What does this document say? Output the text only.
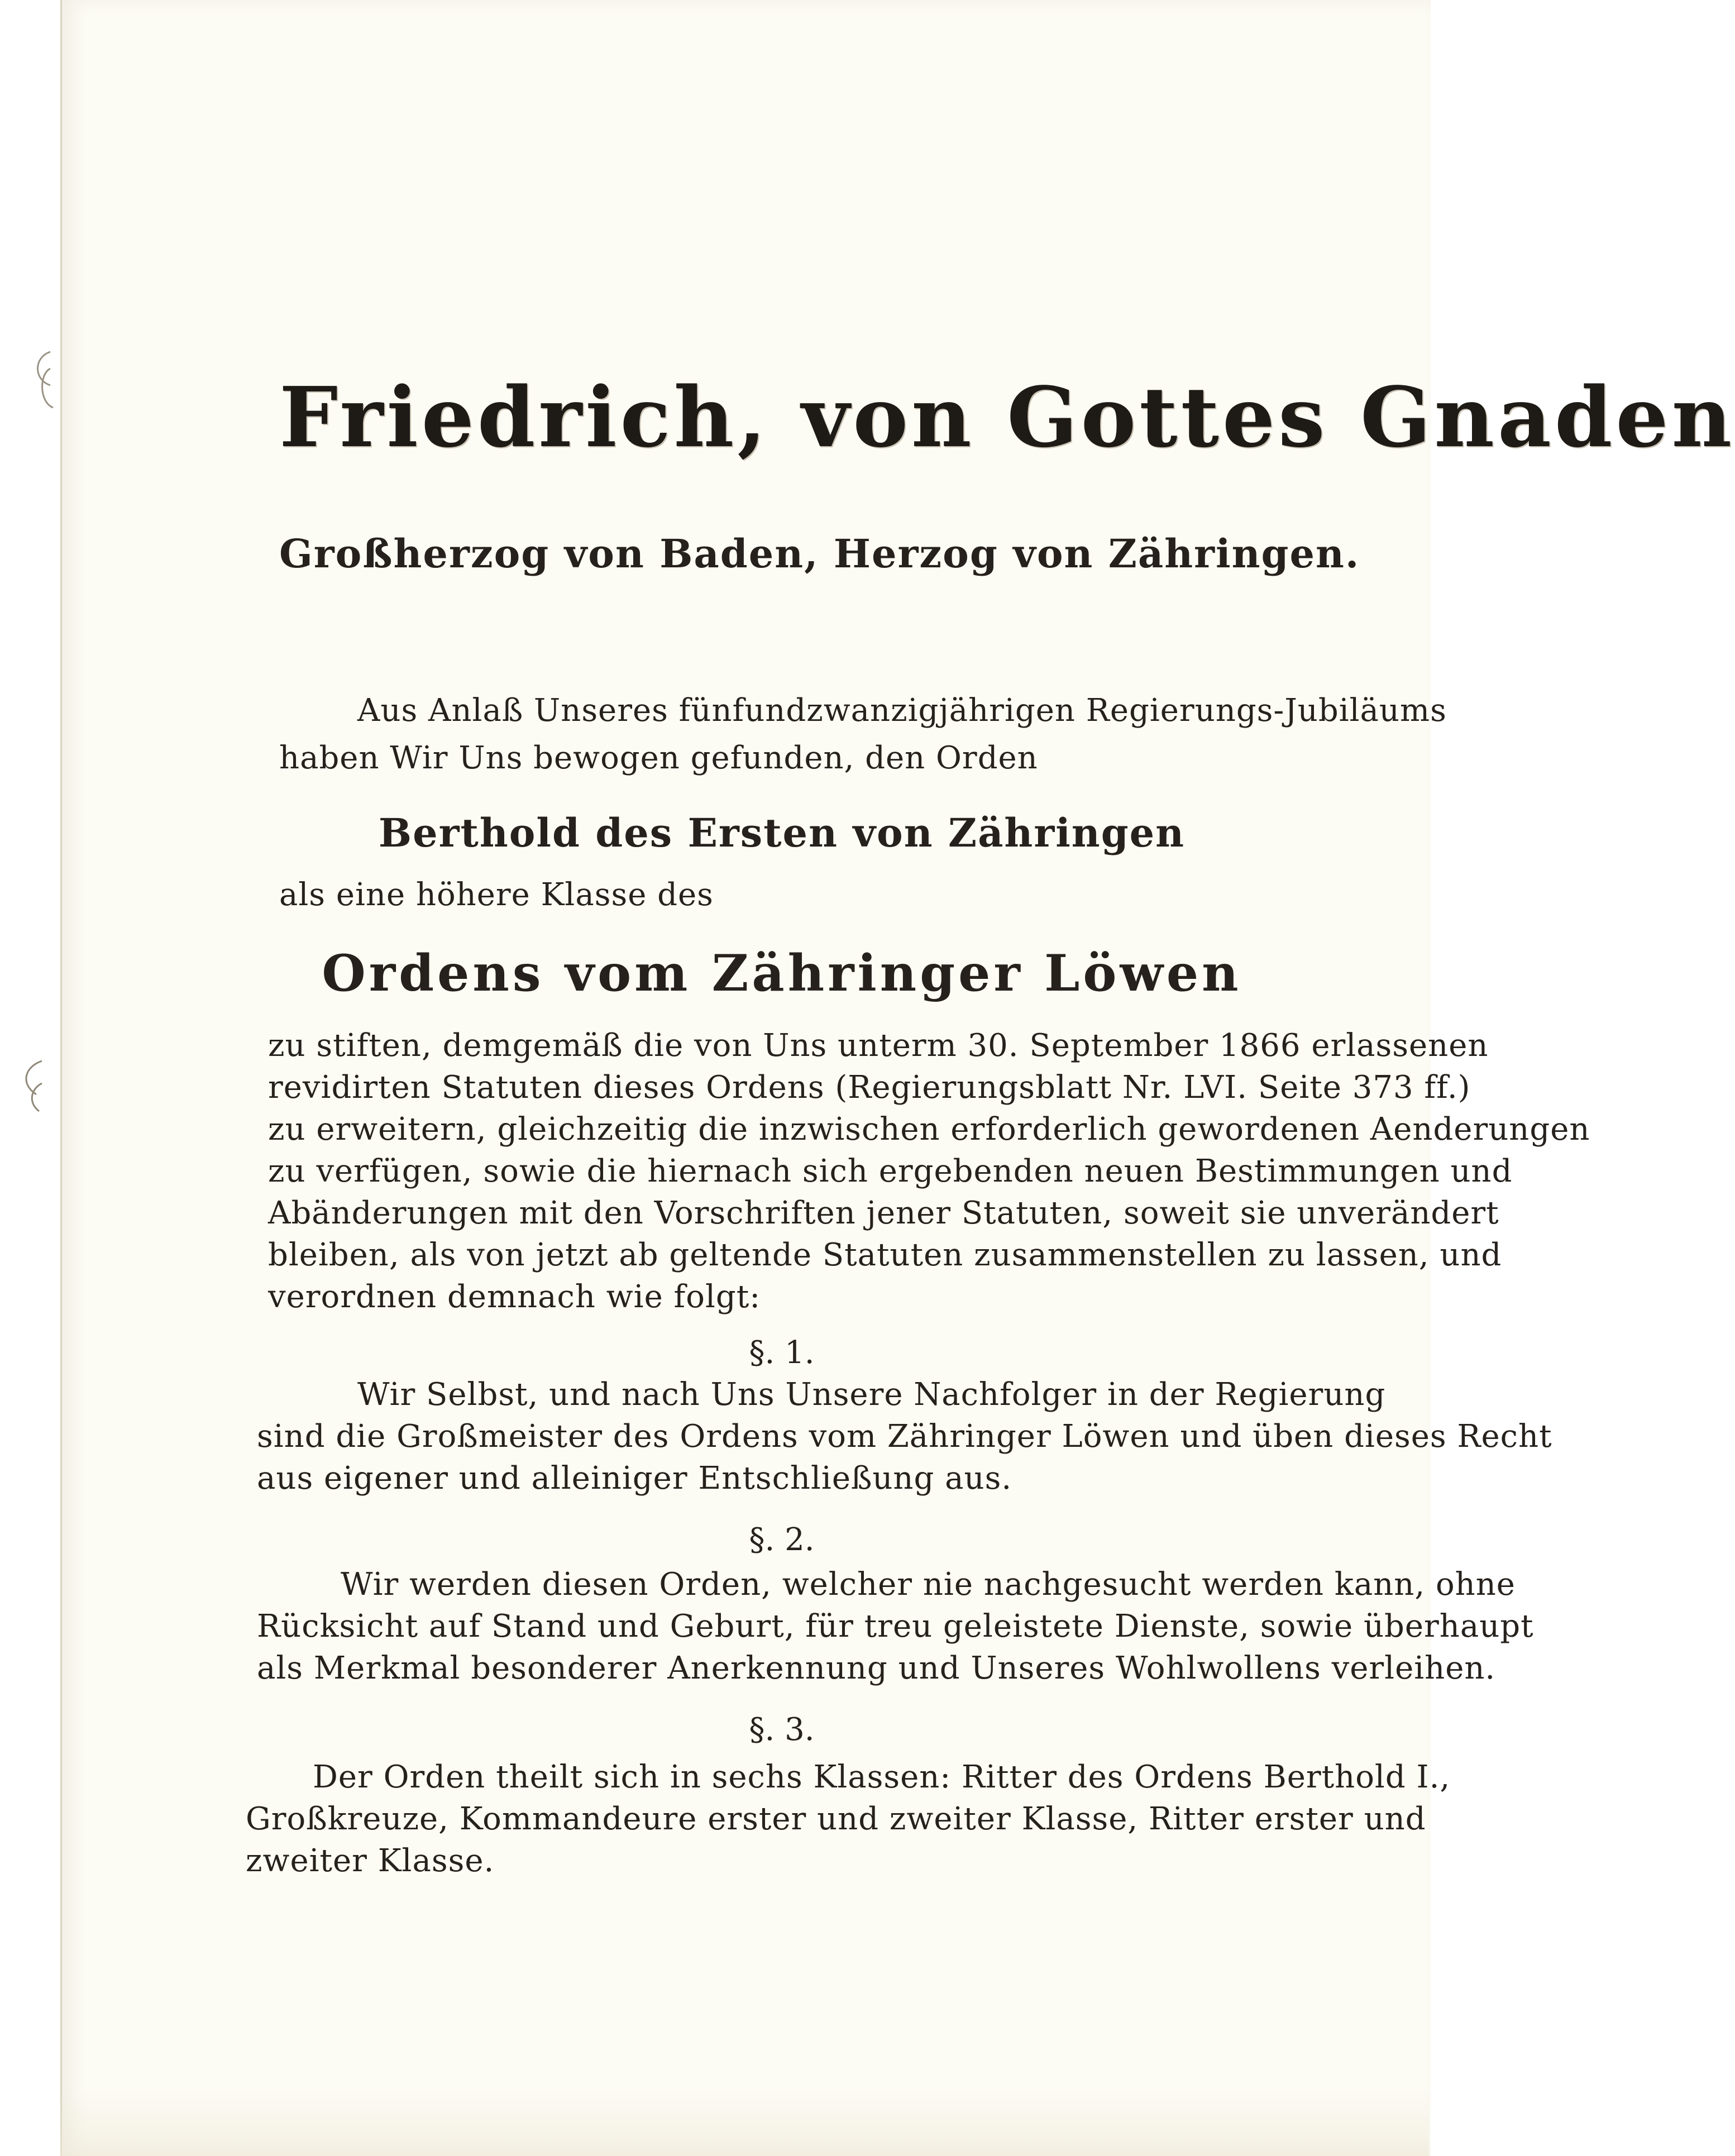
Friedrich, von Gottes Gnaden
Großherzog von Baden, Herzog von Zähringen.
Aus Anlaß Unseres fünfundzwanzigjährigen Regierungs-Jubiläums
haben Wir Uns bewogen gefunden, den Orden
Berthold des Ersten von Zähringen
als eine höhere Klasse des
Ordens vom Zähringer Löwen
zu stiften, demgemäß die von Uns unterm 30. September 1866 erlassenen
revidirten Statuten dieses Ordens (Regierungsblatt Nr. LVI. Seite 373 ff.)
zu erweitern, gleichzeitig die inzwischen erforderlich gewordenen Aenderungen
zu verfügen, sowie die hiernach sich ergebenden neuen Bestimmungen und
Abänderungen mit den Vorschriften jener Statuten, soweit sie unverändert
bleiben, als von jetzt ab geltende Statuten zusammenstellen zu lassen, und
verordnen demnach wie folgt:
§. 1.
Wir Selbst, und nach Uns Unsere Nachfolger in der Regierung
sind die Großmeister des Ordens vom Zähringer Löwen und üben dieses Recht
aus eigener und alleiniger Entschließung aus.
§. 2.
Wir werden diesen Orden, welcher nie nachgesucht werden kann, ohne
Rücksicht auf Stand und Geburt, für treu geleistete Dienste, sowie überhaupt
als Merkmal besonderer Anerkennung und Unseres Wohlwollens verleihen.
§. 3.
Der Orden theilt sich in sechs Klassen: Ritter des Ordens Berthold I.,
Großkreuze, Kommandeure erster und zweiter Klasse, Ritter erster und
zweiter Klasse.
